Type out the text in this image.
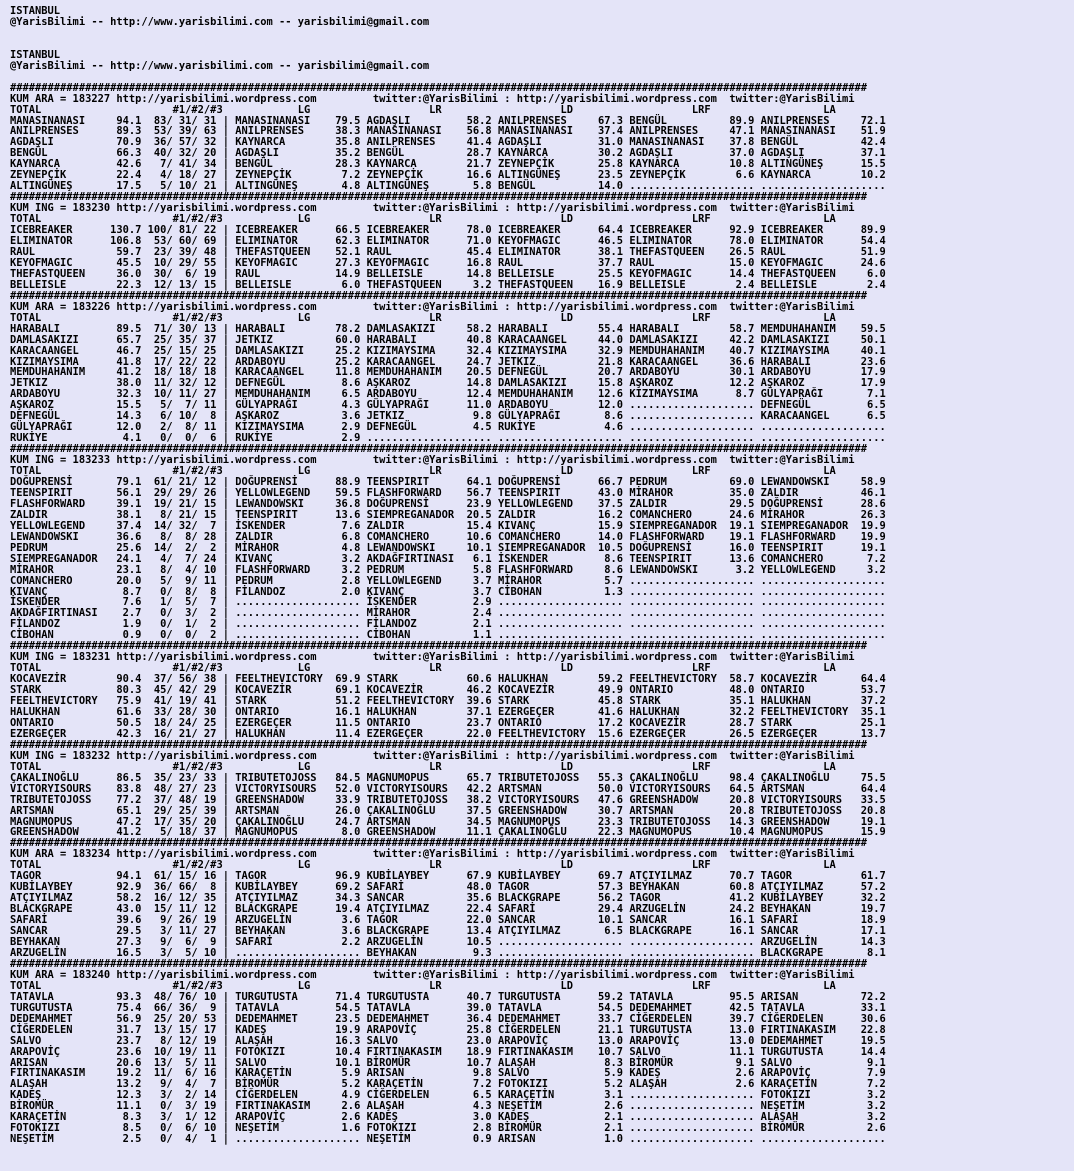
ISTANBUL
@YarisBilimi -- http://www.yarisbilimi.com -- yarisbilimi@gmail.com

ISTANBUL
@YarisBilimi -- http://www.yarisbilimi.com -- yarisbilimi@gmail.com

#########################################################################################################################################
KUM ARA = 183227 http://yarisbilimi.wordpress.com         twitter:@YarisBilimi : http://yarisbilimi.wordpress.com  twitter:@YarisBilimi
TOTAL                     #1/#2/#3            LG                   LR                   LD                   LRF                  LA
MANASINANASI     94.1  83/ 31/ 31 | MANASINANASI    79.5 AGDAŞLI         58.2 ANILPRENSES     67.3 BENGÜL          89.9 ANILPRENSES     72.1
ANILPRENSES      89.3  53/ 39/ 63 | ANILPRENSES     38.3 MANASINANASI    56.8 MANASINANASI    37.4 ANILPRENSES     47.1 MANASINANASI    51.9
AGDAŞLI          70.9  36/ 57/ 32 | KAYNARCA        35.8 ANILPRENSES     41.4 AGDAŞLI         31.0 MANASINANASI    37.8 BENGÜL          42.4
BENGÜL           66.3  40/ 32/ 20 | AGDAŞLI         35.2 BENGÜL          28.7 KAYNARCA        30.2 AGDAŞLI         37.0 AGDAŞLI         37.1
KAYNARCA         42.6   7/ 41/ 34 | BENGÜL          28.3 KAYNARCA        21.7 ZEYNEPÇİK       25.8 KAYNARCA        10.8 ALTINGÜNEŞ      15.5
ZEYNEPÇİK        22.4   4/ 18/ 27 | ZEYNEPÇİK        7.2 ZEYNEPÇİK       16.6 ALTINGÜNEŞ      23.5 ZEYNEPÇİK        6.6 KAYNARCA        10.2
ALTINGÜNEŞ       17.5   5/ 10/ 21 | ALTINGÜNEŞ       4.8 ALTINGÜNEŞ       5.8 BENGÜL          14.0 .................... ....................
#########################################################################################################################################
KUM ING = 183230 http://yarisbilimi.wordpress.com         twitter:@YarisBilimi : http://yarisbilimi.wordpress.com  twitter:@YarisBilimi
TOTAL                     #1/#2/#3            LG                   LR                   LD                   LRF                  LA
ICEBREAKER      130.7 100/ 81/ 22 | ICEBREAKER      66.5 ICEBREAKER      78.0 ICEBREAKER      64.4 ICEBREAKER      92.9 ICEBREAKER      89.9
ELIMINATOR      106.8  53/ 60/ 69 | ELIMINATOR      62.3 ELIMINATOR      71.0 KEYOFMAGIC      46.5 ELIMINATOR      78.0 ELIMINATOR      54.4
RAUL             59.7  23/ 39/ 48 | THEFASTQUEEN    52.1 RAUL            45.4 ELIMINATOR      38.1 THEFASTQUEEN    26.5 RAUL            51.9
KEYOFMAGIC       45.5  10/ 29/ 55 | KEYOFMAGIC      27.3 KEYOFMAGIC      16.8 RAUL            37.7 RAUL            15.0 KEYOFMAGIC      24.6
THEFASTQUEEN     36.0  30/  6/ 19 | RAUL            14.9 BELLEISLE       14.8 BELLEISLE       25.5 KEYOFMAGIC      14.4 THEFASTQUEEN     6.0
BELLEISLE        22.3  12/ 13/ 15 | BELLEISLE        6.0 THEFASTQUEEN     3.2 THEFASTQUEEN    16.9 BELLEISLE        2.4 BELLEISLE        2.4
#########################################################################################################################################
KUM ARA = 183226 http://yarisbilimi.wordpress.com         twitter:@YarisBilimi : http://yarisbilimi.wordpress.com  twitter:@YarisBilimi
TOTAL                     #1/#2/#3            LG                   LR                   LD                   LRF                  LA
HARABALI         89.5  71/ 30/ 13 | HARABALI        78.2 DAMLASAKIZI     58.2 HARABALI        55.4 HARABALI        58.7 MEMDUHAHANIM    59.5
DAMLASAKIZI      65.7  25/ 35/ 37 | JETKIZ          60.0 HARABALI        40.8 KARACAANGEL     44.0 DAMLASAKIZI     42.2 DAMLASAKIZI     50.1
KARACAANGEL      46.7  25/ 15/ 25 | DAMLASAKIZI     25.2 KIZIMAYSIMA     32.4 KIZIMAYSIMA     32.9 MEMDUHAHANIM    40.7 KIZIMAYSIMA     40.1
KIZIMAYSIMA      41.8  17/ 22/ 22 | ARDABOYU        25.2 KARACAANGEL     24.7 JETKIZ          21.8 KARACAANGEL     36.6 HARABALI        23.6
MEMDUHAHANIM     41.2  18/ 18/ 18 | KARACAANGEL     11.8 MEMDUHAHANIM    20.5 DEFNEGÜL        20.7 ARDABOYU        30.1 ARDABOYU        17.9
JETKIZ           38.0  11/ 32/ 12 | DEFNEGÜL         8.6 AŞKAROZ         14.8 DAMLASAKIZI     15.8 AŞKAROZ         12.2 AŞKAROZ         17.9
ARDABOYU         32.3  10/ 11/ 27 | MEMDUHAHANIM     6.5 ARDABOYU        12.4 MEMDUHAHANIM    12.6 KIZIMAYSIMA      8.7 GÜLYAPRAĞI       7.1
AŞKAROZ          15.5   5/  7/ 11 | GÜLYAPRAĞI       4.3 GÜLYAPRAĞI      11.0 ARDABOYU        12.0 .................... DEFNEGÜL         6.5
DEFNEGÜL         14.3   6/ 10/  8 | AŞKAROZ          3.6 JETKIZ           9.8 GÜLYAPRAĞI       8.6 .................... KARACAANGEL      6.5
GÜLYAPRAĞI       12.0   2/  8/ 11 | KIZIMAYSIMA      2.9 DEFNEGÜL         4.5 RUKİYE           4.6 .................... ....................
RUKİYE            4.1   0/  0/  6 | RUKİYE           2.9 .................... .................... .................... ....................
#########################################################################################################################################
KUM ING = 183233 http://yarisbilimi.wordpress.com         twitter:@YarisBilimi : http://yarisbilimi.wordpress.com  twitter:@YarisBilimi
TOTAL                     #1/#2/#3            LG                   LR                   LD                   LRF                  LA
DOĞUPRENSİ       79.1  61/ 21/ 12 | DOĞUPRENSİ      88.9 TEENSPIRIT      64.1 DOĞUPRENSİ      66.7 PEDRUM          69.0 LEWANDOWSKI     58.9
TEENSPIRIT       56.1  29/ 29/ 26 | YELLOWLEGEND    59.5 FLASHFORWARD    56.7 TEENSPIRIT      43.0 MİRAHOR         35.0 ZALDIR          46.1
FLASHFORWARD     39.1  19/ 21/ 15 | LEWANDOWSKI     36.8 DOĞUPRENSİ      23.9 YELLOWLEGEND    37.5 ZALDIR          29.5 DOĞUPRENSİ      28.6
ZALDIR           38.1   8/ 21/ 15 | TEENSPIRIT      13.6 SIEMPREGANADOR  20.5 ZALDIR          16.2 COMANCHERO      24.6 MİRAHOR         26.3
YELLOWLEGEND     37.4  14/ 32/  7 | İSKENDER         7.6 ZALDIR          15.4 KIVANÇ          15.9 SIEMPREGANADOR  19.1 SIEMPREGANADOR  19.9
LEWANDOWSKI      36.6   8/  8/ 28 | ZALDIR           6.8 COMANCHERO      10.6 COMANCHERO      14.0 FLASHFORWARD    19.1 FLASHFORWARD    19.9
PEDRUM           25.6  14/  2/  2 | MİRAHOR          4.8 LEWANDOWSKI     10.1 SIEMPREGANADOR  10.5 DOĞUPRENSİ      16.0 TEENSPIRIT      19.1
SIEMPREGANADOR   24.1   4/  7/ 24 | KIVANÇ           3.2 AKDAĞFIRTINASI   6.1 İSKENDER         8.6 TEENSPIRIT      13.6 COMANCHERO       7.2
MİRAHOR          23.1   8/  4/ 10 | FLASHFORWARD     3.2 PEDRUM           5.8 FLASHFORWARD     8.6 LEWANDOWSKI      3.2 YELLOWLEGEND     3.2
COMANCHERO       20.0   5/  9/ 11 | PEDRUM           2.8 YELLOWLEGEND     3.7 MİRAHOR          5.7 .................... ....................
KIVANÇ            8.7   0/  8/  8 | FİLANDOZ         2.0 KIVANÇ           3.7 CİBOHAN          1.3 .................... ....................
İSKENDER          7.6   1/  5/  7 | .................... İSKENDER         2.9 .................... .................... ....................
AKDAĞFIRTINASI    2.7   0/  3/  2 | .................... MİRAHOR          2.4 .................... .................... ....................
FİLANDOZ          1.9   0/  1/  2 | .................... FİLANDOZ         2.1 .................... .................... ....................
CİBOHAN           0.9   0/  0/  2 | .................... CİBOHAN          1.1 .................... .................... ....................
#########################################################################################################################################
KUM ING = 183231 http://yarisbilimi.wordpress.com         twitter:@YarisBilimi : http://yarisbilimi.wordpress.com  twitter:@YarisBilimi
TOTAL                     #1/#2/#3            LG                   LR                   LD                   LRF                  LA
KOCAVEZİR        90.4  37/ 56/ 38 | FEELTHEVICTORY  69.9 STARK           60.6 HALUKHAN        59.2 FEELTHEVICTORY  58.7 KOCAVEZİR       64.4
STARK            80.3  45/ 42/ 29 | KOCAVEZİR       69.1 KOCAVEZİR       46.2 KOCAVEZİR       49.9 ONTARIO         48.0 ONTARIO         53.7
FEELTHEVICTORY   75.9  41/ 19/ 41 | STARK           51.2 FEELTHEVICTORY  39.6 STARK           45.8 STARK           35.1 HALUKHAN        37.2
HALUKHAN         61.6  33/ 28/ 30 | ONTARIO         16.1 HALUKHAN        37.1 EZERGEÇER       41.6 HALUKHAN        32.2 FEELTHEVICTORY  35.1
ONTARIO          50.5  18/ 24/ 25 | EZERGEÇER       11.5 ONTARIO         23.7 ONTARIO         17.2 KOCAVEZİR       28.7 STARK           25.1
EZERGEÇER        42.3  16/ 21/ 27 | HALUKHAN        11.4 EZERGEÇER       22.0 FEELTHEVICTORY  15.6 EZERGEÇER       26.5 EZERGEÇER       13.7
#########################################################################################################################################
KUM ING = 183232 http://yarisbilimi.wordpress.com         twitter:@YarisBilimi : http://yarisbilimi.wordpress.com  twitter:@YarisBilimi
TOTAL                     #1/#2/#3            LG                   LR                   LD                   LRF                  LA
ÇAKALINOĞLU      86.5  35/ 23/ 33 | TRIBUTETOJOSS   84.5 MAGNUMOPUS      65.7 TRIBUTETOJOSS   55.3 ÇAKALINOĞLU     98.4 ÇAKALINOĞLU     75.5
VICTORYISOURS    83.8  48/ 27/ 23 | VICTORYISOURS   52.0 VICTORYISOURS   42.2 ARTSMAN         50.0 VICTORYISOURS   64.5 ARTSMAN         64.4
TRIBUTETOJOSS    77.2  37/ 48/ 19 | GREENSHADOW     33.9 TRIBUTETOJOSS   38.2 VICTORYISOURS   47.6 GREENSHADOW     20.8 VICTORYISOURS   33.5
ARTSMAN          65.1  29/ 25/ 39 | ARTSMAN         26.0 ÇAKALINOĞLU     37.5 GREENSHADOW     30.7 ARTSMAN         20.8 TRIBUTETOJOSS   20.8
MAGNUMOPUS       47.2  17/ 35/ 20 | ÇAKALINOĞLU     24.7 ARTSMAN         34.5 MAGNUMOPUS      23.3 TRIBUTETOJOSS   14.3 GREENSHADOW     19.1
GREENSHADOW      41.2   5/ 18/ 37 | MAGNUMOPUS       8.0 GREENSHADOW     11.1 ÇAKALINOĞLU     22.3 MAGNUMOPUS      10.4 MAGNUMOPUS      15.9
#########################################################################################################################################
KUM ARA = 183234 http://yarisbilimi.wordpress.com         twitter:@YarisBilimi : http://yarisbilimi.wordpress.com  twitter:@YarisBilimi
TOTAL                     #1/#2/#3            LG                   LR                   LD                   LRF                  LA
TAGOR            94.1  61/ 15/ 16 | TAGOR           96.9 KUBİLAYBEY      67.9 KUBİLAYBEY      69.7 ATÇIYILMAZ      70.7 TAGOR           61.7
KUBİLAYBEY       92.9  36/ 66/  8 | KUBİLAYBEY      69.2 SAFARİ          48.0 TAGOR           57.3 BEYHAKAN        60.8 ATÇIYILMAZ      57.2
ATÇIYILMAZ       58.2  16/ 12/ 35 | ATÇIYILMAZ      34.3 SANCAR          35.6 BLACKGRAPE      56.2 TAGOR           41.2 KUBİLAYBEY      32.2
BLACKGRAPE       43.0  15/ 11/ 12 | BLACKGRAPE      19.4 ATÇIYILMAZ      22.4 SAFARİ          29.4 ARZUGELİN       24.2 BEYHAKAN        19.7
SAFARİ           39.6   9/ 26/ 19 | ARZUGELİN        3.6 TAGOR           22.0 SANCAR          10.1 SANCAR          16.1 SAFARİ          18.9
SANCAR           29.5   3/ 11/ 27 | BEYHAKAN         3.6 BLACKGRAPE      13.4 ATÇIYILMAZ       6.5 BLACKGRAPE      16.1 SANCAR          17.1
BEYHAKAN         27.3   9/  6/  9 | SAFARİ           2.2 ARZUGELİN       10.5 .................... .................... ARZUGELİN       14.3
ARZUGELİN        16.5   3/  5/ 10 | .................... BEYHAKAN         9.3 .................... .................... BLACKGRAPE       8.1
#########################################################################################################################################
KUM ARA = 183240 http://yarisbilimi.wordpress.com         twitter:@YarisBilimi : http://yarisbilimi.wordpress.com  twitter:@YarisBilimi
TOTAL                     #1/#2/#3            LG                   LR                   LD                   LRF                  LA
TATAVLA          93.3  48/ 76/ 10 | TURGUTUSTA      71.4 TURGUTUSTA      40.7 TURGUTUSTA      59.2 TATAVLA         95.5 ARISAN          72.2
TURGUTUSTA       75.4  66/ 36/  9 | TATAVLA         54.5 TATAVLA         39.0 TATAVLA         54.5 DEDEMAHMET      42.5 TATAVLA         33.1
DEDEMAHMET       56.9  25/ 20/ 53 | DEDEMAHMET      23.5 DEDEMAHMET      36.4 DEDEMAHMET      33.7 CİĞERDELEN      39.7 CİĞERDELEN      30.6
CİĞERDELEN       31.7  13/ 15/ 17 | KADEŞ           19.9 ARAPOVİÇ        25.8 CİĞERDELEN      21.1 TURGUTUSTA      13.0 FIRTINAKASIM    22.8
SALVO            23.7   8/ 12/ 19 | ALAŞAH          16.3 SALVO           23.0 ARAPOVİÇ        13.0 ARAPOVİÇ        13.0 DEDEMAHMET      19.5
ARAPOVİÇ         23.6  10/ 19/ 11 | FOTOKIZI        10.4 FIRTINAKASIM    18.9 FIRTINAKASIM    10.7 SALVO           11.1 TURGUTUSTA      14.4
ARISAN           20.6  13/  5/ 11 | SALVO           10.1 BİROMÜR         10.7 ALAŞAH           8.3 BİROMÜR          9.1 SALVO            9.1
FIRTINAKASIM     19.2  11/  6/ 16 | KARAÇETİN        5.9 ARISAN           9.8 SALVO            5.9 KADEŞ            2.6 ARAPOVİÇ         7.9
ALAŞAH           13.2   9/  4/  7 | BİROMÜR          5.2 KARAÇETİN        7.2 FOTOKIZI         5.2 ALAŞAH           2.6 KARAÇETİN        7.2
KADEŞ            12.3   3/  2/ 14 | CİĞERDELEN       4.9 CİĞERDELEN       6.5 KARAÇETİN        3.1 .................... FOTOKIZI         3.2
BİROMÜR          11.1   0/  3/ 19 | FIRTINAKASIM     2.6 ALAŞAH           4.3 NEŞETİM          2.6 .................... NEŞETİM          3.2
KARAÇETİN         8.3   3/  1/ 12 | ARAPOVİÇ         2.6 KADEŞ            3.0 KADEŞ            2.1 .................... ALAŞAH           3.2
FOTOKIZI          8.5   0/  6/ 10 | NEŞETİM          1.6 FOTOKIZI         2.8 BİROMÜR          2.1 .................... BİROMÜR          2.6
NEŞETİM           2.5   0/  4/  1 | .................... NEŞETİM          0.9 ARISAN           1.0 .................... ....................
